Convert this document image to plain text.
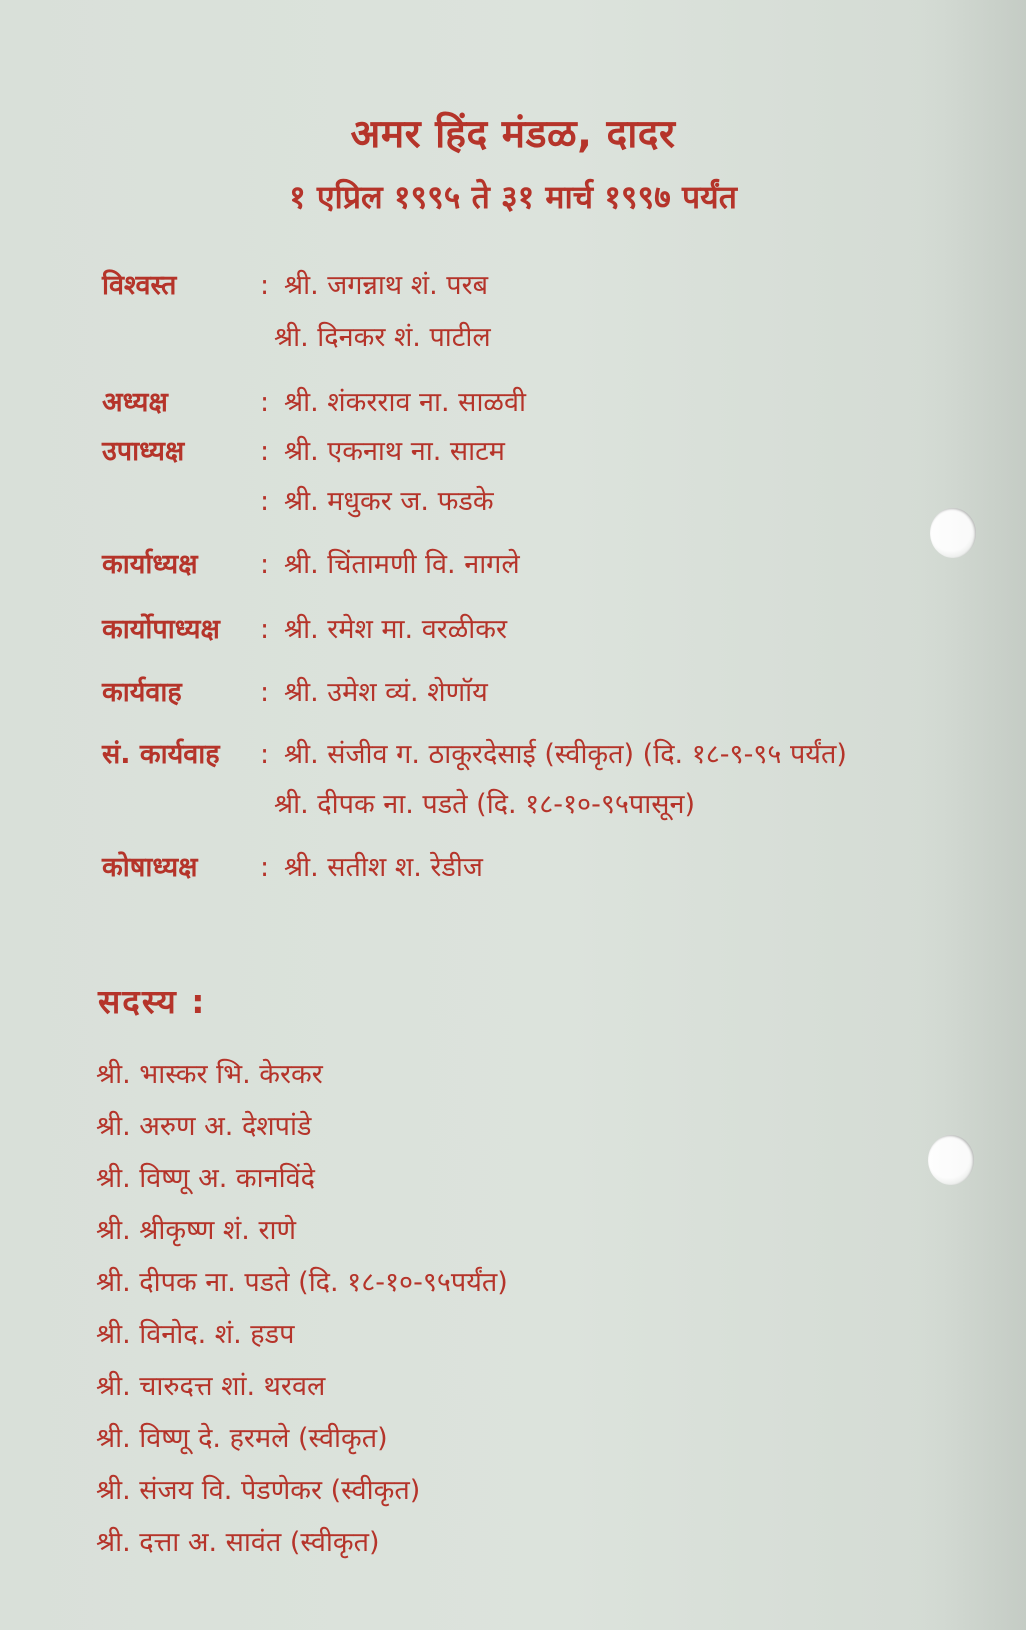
अमर हिंद मंडळ, दादर
१ एप्रिल १९९५ ते ३१ मार्च १९९७ पर्यंत
विश्वस्त	: श्री. जगन्नाथ शं. परब
श्री. दिनकर शं. पाटील
अध्यक्ष	: श्री. शंकरराव ना. साळवी
उपाध्यक्ष	: श्री. एकनाथ ना. साटम
: श्री. मधुकर ज. फडके
कार्याध्यक्ष : श्री. चिंतामणी वि. नागले
कार्योपाध्यक्ष : श्री. रमेश मा. वरळीकर
कार्यवाह	: श्री. उमेश व्यं. शेणॉय
सं. कार्यवाह : श्री. संजीव ग. ठाकूरदेसाई (स्वीकृत) (दि. १८-९-९५ पर्यंत)
श्री. दीपक ना. पडते (दि. १८-१०-९५पासून)
कोषाध्यक्ष : श्री. सतीश श. रेडीज
सदस्य :
श्री. भास्कर भि. केरकर
श्री. अरुण अ. देशपांडे
श्री. विष्णू अ. कानविंदे
श्री. श्रीकृष्ण शं. राणे
श्री. दीपक ना. पडते (दि. १८-१०-९५पर्यंत)
श्री. विनोद. शं. हडप
श्री. चारुदत्त शां. थरवल
श्री. विष्णू दे. हरमले (स्वीकृत)
श्री. संजय वि. पेडणेकर (स्वीकृत)
श्री. दत्ता अ. सावंत (स्वीकृत)
